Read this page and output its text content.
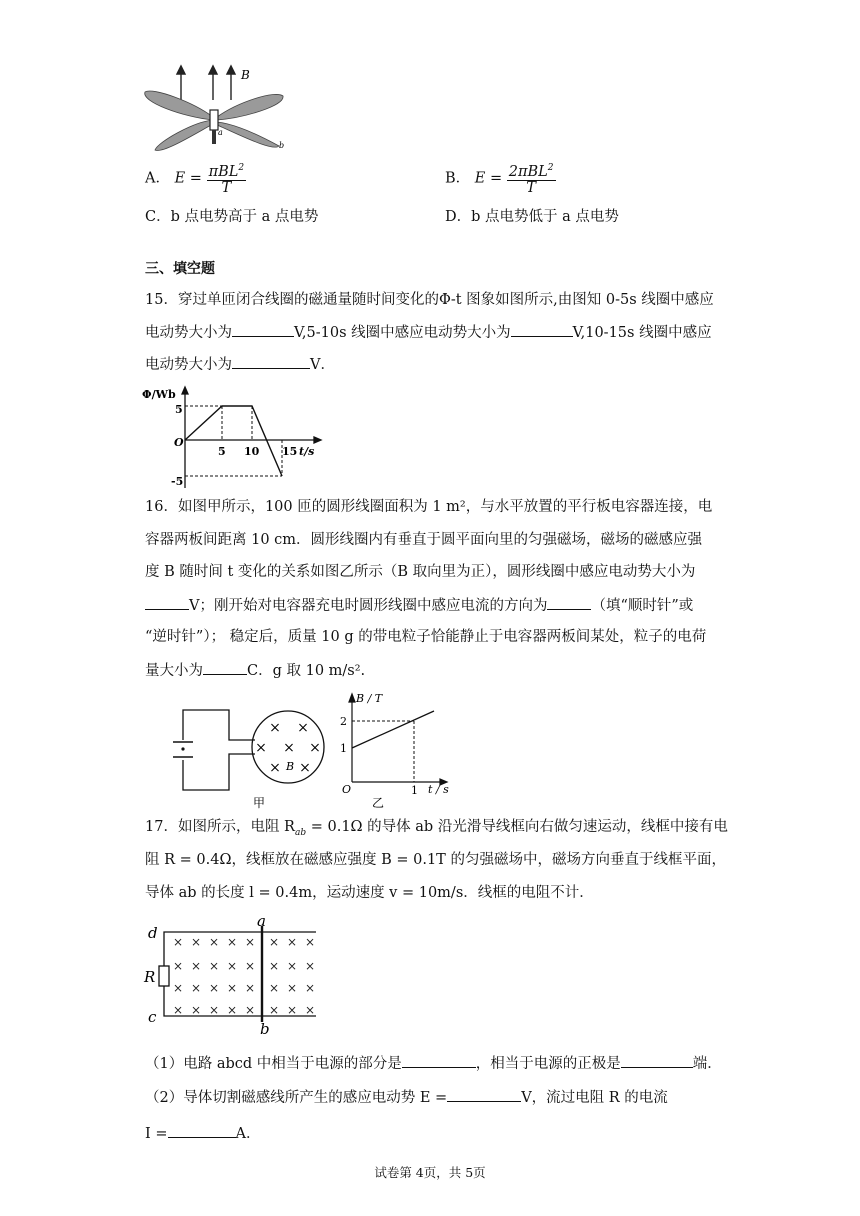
B
a
b
A． $E = \frac{\pi BL^2}{T}$	B． $E = \frac{2\pi BL^2}{T}$
C．b 点电势高于 a 点电势	D．b 点电势低于 a 点电势
三、填空题
15．穿过单匝闭合线圈的磁通量随时间变化的Φ-t 图象如图所示,由图知 0-5s 线圈中感应
电动势大小为	V,5-10s 线圈中感应电动势大小为	V,10-15s 线圈中感应
电动势大小为	V．
Φ/Wb
t/s
O
5
-5
5 10 15
16．如图甲所示，100 匝的圆形线圈面积为 1 m²，与水平放置的平行板电容器连接，电
容器两板间距离 10 cm．圆形线圈内有垂直于圆平面向里的匀强磁场，磁场的磁感应强
度 B 随时间 t 变化的关系如图乙所示（B 取向里为正），圆形线圈中感应电动势大小为
V；刚开始对电容器充电时圆形线圈中感应电流的方向为	（填“顺时针”或
“逆时针”）； 稳定后，质量 10 g 的带电粒子恰能静止于电容器两板间某处，粒子的电荷
量大小为	C．g 取 10 m/s².
× ×
× × ×
× ×
B
甲
B / T
2
1
O	1 t / s
乙
17．如图所示，电阻 $R_{ab} = 0.1\Omega$ 的导体 ab 沿光滑导线框向右做匀速运动，线框中接有电
阻 R = 0.4Ω，线框放在磁感应强度 B = 0.1T 的匀强磁场中，磁场方向垂直于线框平面，
导体 ab 的长度 l = 0.4m，运动速度 v = 10m/s．线框的电阻不计．
× × × × × × × ×
× × × × × × × ×
× × × × × × × ×
× × × × × × × ×
d
a
R
c
b
（1）电路 abcd 中相当于电源的部分是	，相当于电源的正极是	端．
（2）导体切割磁感线所产生的感应电动势 E =	V，流过电阻 R 的电流
I =	A．
试卷第 4页，共 5页
